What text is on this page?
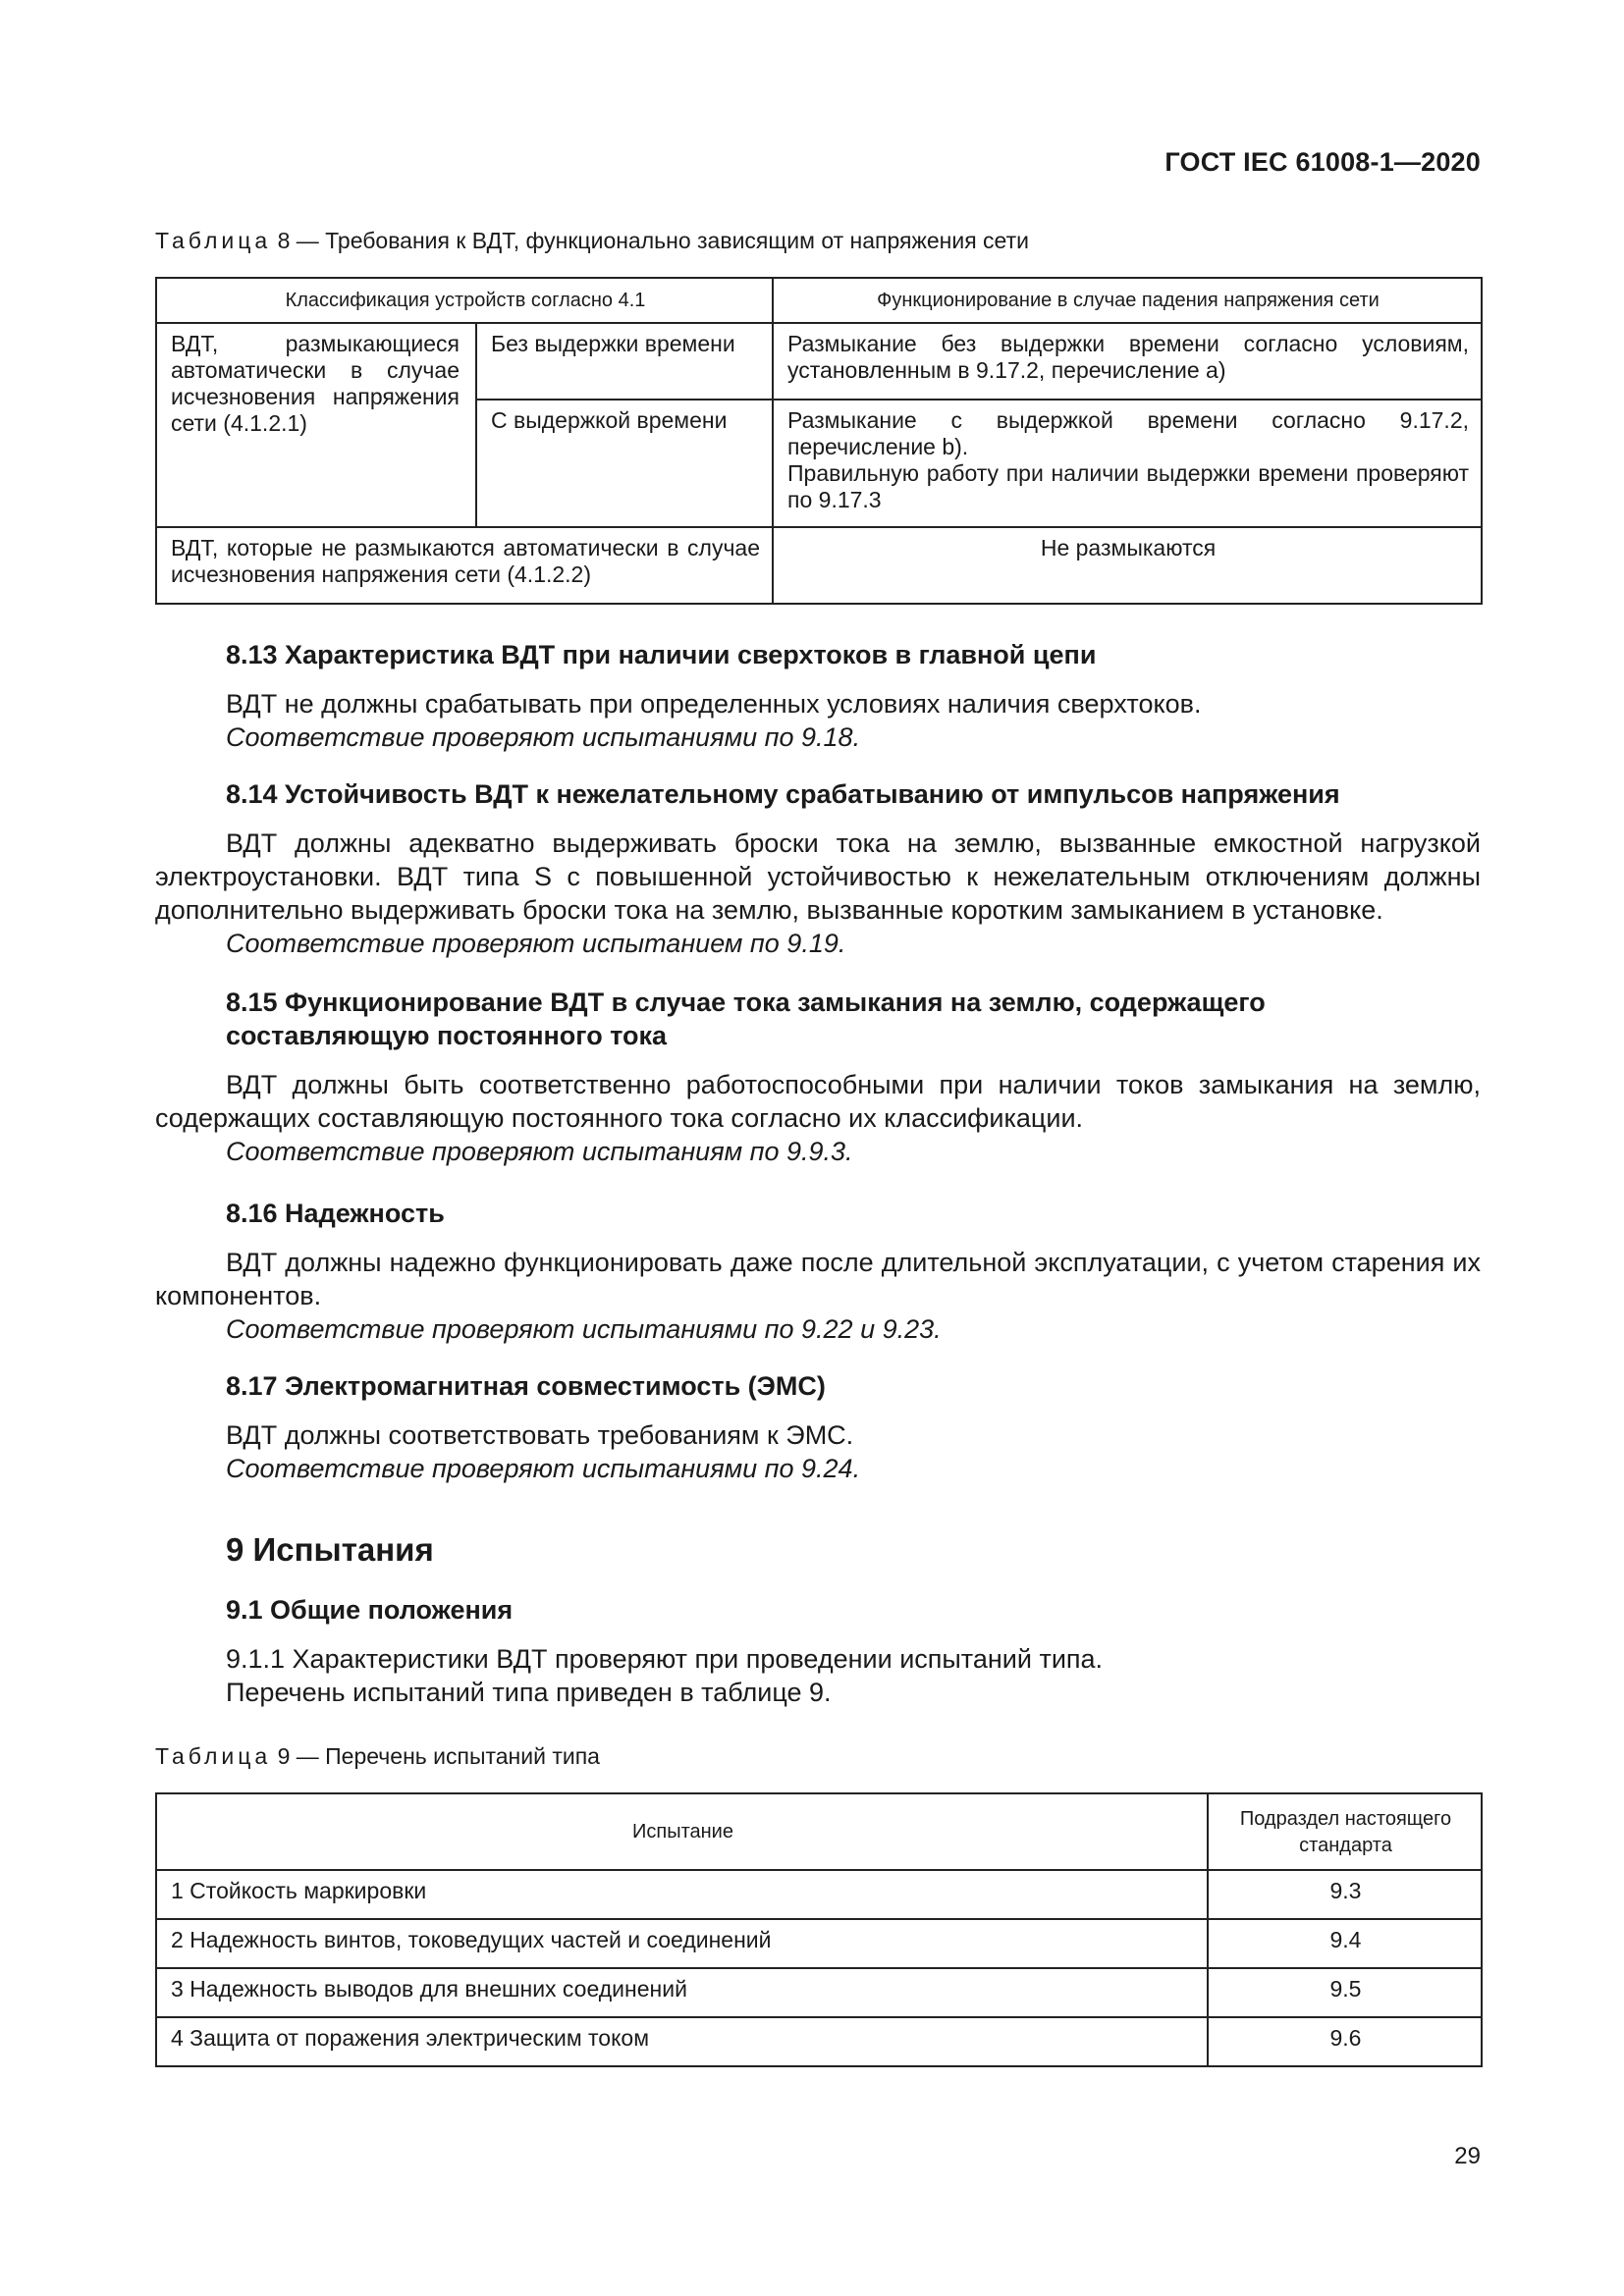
ГОСТ IEC 61008-1—2020
Таблица 8 — Требования к ВДТ, функционально зависящим от напряжения сети
Классификация устройств согласно 4.1		Функционирование в случае падения напряжения сети
ВДТ, размыкающиеся автоматически в случае исчезновения напряжения сети (4.1.2.1)	Без выдержки времени	Размыкание без выдержки времени согласно условиям, установленным в 9.17.2, перечисление a)
	С выдержкой времени	Размыкание с выдержкой времени согласно 9.17.2, перечисление b).
Правильную работу при наличии выдержки времени проверяют по 9.17.3

ВДТ, которые не размыкаются автоматически в случае исчезновения напряжения сети (4.1.2.2)		Не размыкаются
8.13 Характеристика ВДТ при наличии сверхтоков в главной цепи
ВДТ не должны срабатывать при определенных условиях наличия сверхтоков.
Соответствие проверяют испытаниями по 9.18.
8.14 Устойчивость ВДТ к нежелательному срабатыванию от импульсов напряжения
ВДТ должны адекватно выдерживать броски тока на землю, вызванные емкостной нагрузкой электроустановки. ВДТ типа S с повышенной устойчивостью к нежелательным отключениям должны дополнительно выдерживать броски тока на землю, вызванные коротким замыканием в установке.
Соответствие проверяют испытанием по 9.19.
8.15 Функционирование ВДТ в случае тока замыкания на землю, содержащего
составляющую постоянного тока
ВДТ должны быть соответственно работоспособными при наличии токов замыкания на землю, содержащих составляющую постоянного тока согласно их классификации.
Соответствие проверяют испытаниям по 9.9.3.
8.16 Надежность
ВДТ должны надежно функционировать даже после длительной эксплуатации, с учетом старения их компонентов.
Соответствие проверяют испытаниями по 9.22 и 9.23.
8.17 Электромагнитная совместимость (ЭМС)
ВДТ должны соответствовать требованиям к ЭМС.
Соответствие проверяют испытаниями по 9.24.
9 Испытания
9.1 Общие положения
9.1.1 Характеристики ВДТ проверяют при проведении испытаний типа.
Перечень испытаний типа приведен в таблице 9.
Таблица 9 — Перечень испытаний типа
Испытание	Подраздел настоящего стандарта
1 Стойкость маркировки	9.3
2 Надежность винтов, токоведущих частей и соединений	9.4
3 Надежность выводов для внешних соединений	9.5
4 Защита от поражения электрическим током	9.6
29
